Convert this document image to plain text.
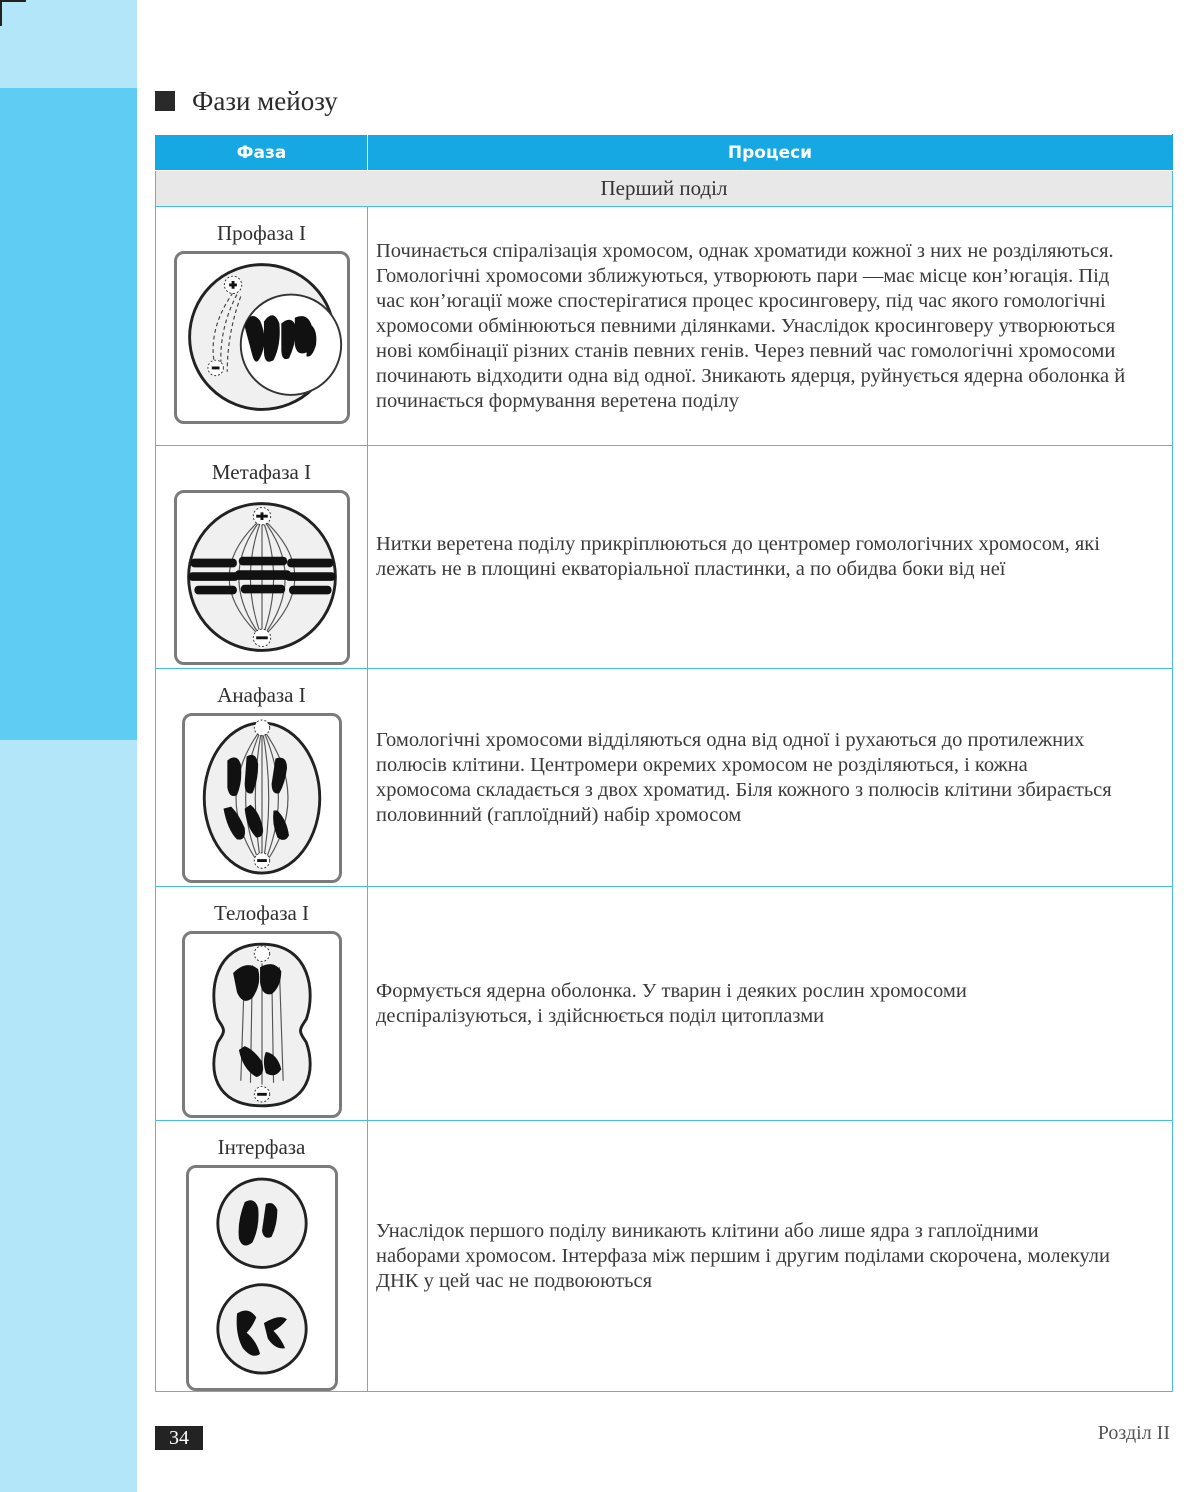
Фази мейозу
Фаза	Процеси
Перший поділ	

Профаза І	Починається спіралізація хромосом, однак хроматиди кожної з них не розділяються. Гомологічні хромосоми зближуються, утворюють пари —має місце кон’югація. Під час кон’югації може спостерігатися процес кросинговеру, під час якого гомологічні хромосоми обмінюються певними ділянками. Унаслідок кросинговеру утворюються нові комбінації різних станів певних генів. Через певний час гомологічні хромосоми починають відходити одна від одної. Зникають ядерця, руйнується ядерна оболонка й починається формування веретена поділу

Метафаза І	Нитки веретена поділу прикріплюються до центромер гомологічних хромосом, які лежать не в площині екваторіальної пластинки, а по обидва боки від неї

Анафаза І	Гомологічні хромосоми відділяються одна від одної і рухаються до протилежних полюсів клітини. Центромери окремих хромосом не розділяються, і кожна хромосома складається з двох хроматид. Біля кожного з полюсів клітини збирається половинний (гаплоїдний) набір хромосом

Телофаза І	Формується ядерна оболонка. У тварин і деяких рослин хромосоми деспіралізуються, і здійснюється поділ цитоплазми

Інтерфаза	Унаслідок першого поділу виникають клітини або лише ядра з гаплоїдними наборами хромосом. Інтерфаза між першим і другим поділами скорочена, молекули ДНК у цей час не подвоюються
34	Розділ II
